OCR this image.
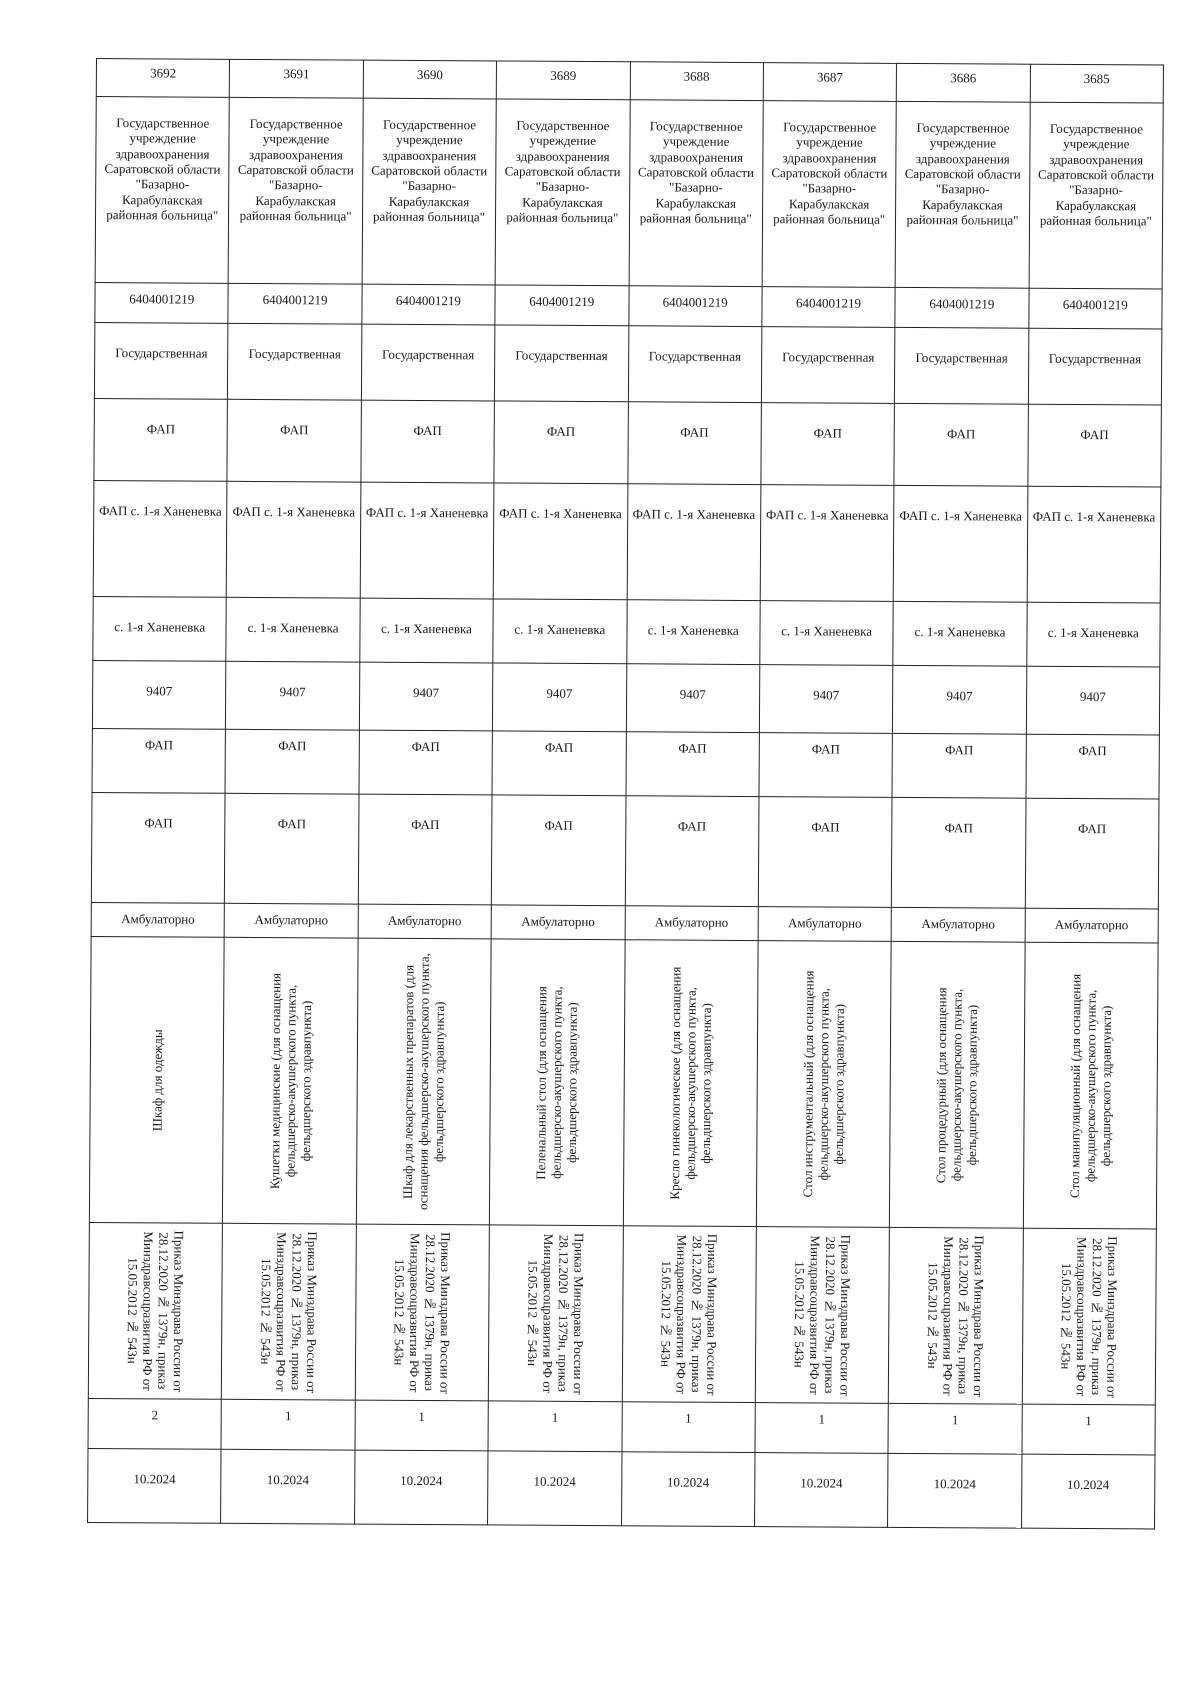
3692	3691	3690	3689	3688	3687	3686	3685
Государственное учреждение здравоохранения Саратовской области "Базарно-Карабулакская районная больница"	Государственное учреждение здравоохранения Саратовской области "Базарно-Карабулакская районная больница"	Государственное учреждение здравоохранения Саратовской области "Базарно-Карабулакская районная больница"	Государственное учреждение здравоохранения Саратовской области "Базарно-Карабулакская районная больница"	Государственное учреждение здравоохранения Саратовской области "Базарно-Карабулакская районная больница"	Государственное учреждение здравоохранения Саратовской области "Базарно-Карабулакская районная больница"	Государственное учреждение здравоохранения Саратовской области "Базарно-Карабулакская районная больница"	Государственное учреждение здравоохранения Саратовской области "Базарно-Карабулакская районная больница"
6404001219	6404001219	6404001219	6404001219	6404001219	6404001219	6404001219	6404001219
Государственная	Государственная	Государственная	Государственная	Государственная	Государственная	Государственная	Государственная
ФАП	ФАП	ФАП	ФАП	ФАП	ФАП	ФАП	ФАП
ФАП с. 1-я Ханеневка	ФАП с. 1-я Ханеневка	ФАП с. 1-я Ханеневка	ФАП с. 1-я Ханеневка	ФАП с. 1-я Ханеневка	ФАП с. 1-я Ханеневка	ФАП с. 1-я Ханеневка	ФАП с. 1-я Ханеневка
с. 1-я Ханеневка	с. 1-я Ханеневка	с. 1-я Ханеневка	с. 1-я Ханеневка	с. 1-я Ханеневка	с. 1-я Ханеневка	с. 1-я Ханеневка	с. 1-я Ханеневка
9407	9407	9407	9407	9407	9407	9407	9407
ФАП	ФАП	ФАП	ФАП	ФАП	ФАП	ФАП	ФАП
ФАП	ФАП	ФАП	ФАП	ФАП	ФАП	ФАП	ФАП
Амбулаторно	Амбулаторно	Амбулаторно	Амбулаторно	Амбулаторно	Амбулаторно	Амбулаторно	Амбулаторно

Шкаф для одежды	Кушетки медицинские (для оснащения фельдшерско-акушерского пункта, фельдшерского здравпункта)	Шкаф для лекарственных препаратов (для оснащения фельдшерско-акушерского пункта, фельдшерского здравпункта)	Пеленальный стол (для оснащения фельдшерско-акушерского пункта, фельдшерского здравпункта)	Кресло гинекологическое (для оснащения фельдшерско-акушерского пункта, фельдшерского здравпункта)	Стол инструментальный (для оснащения фельдшерско-акушерского пункта, фельдшерского здравпункта)	Стол процедурный (для оснащения фельдшерско-акушерского пункта, фельдшерского здравпункта)	Стол манипуляционный (для оснащения фельдшерско-акушерского пункта, фельдшерского здравпункта)

Приказ Минздрава России от 28.12.2020 № 1379н, приказ Минздравсоцразвития РФ от 15.05.2012 № 543н	Приказ Минздрава России от 28.12.2020 № 1379н, приказ Минздравсоцразвития РФ от 15.05.2012 № 543н	Приказ Минздрава России от 28.12.2020 № 1379н, приказ Минздравсоцразвития РФ от 15.05.2012 № 543н	Приказ Минздрава России от 28.12.2020 № 1379н, приказ Минздравсоцразвития РФ от 15.05.2012 № 543н	Приказ Минздрава России от 28.12.2020 № 1379н, приказ Минздравсоцразвития РФ от 15.05.2012 № 543н	Приказ Минздрава России от 28.12.2020 № 1379н, приказ Минздравсоцразвития РФ от 15.05.2012 № 543н	Приказ Минздрава России от 28.12.2020 № 1379н, приказ Минздравсоцразвития РФ от 15.05.2012 № 543н	Приказ Минздрава России от 28.12.2020 № 1379н, приказ Минздравсоцразвития РФ от 15.05.2012 № 543н

2	1	1	1	1	1	1	1
10.2024	10.2024	10.2024	10.2024	10.2024	10.2024	10.2024	10.2024
